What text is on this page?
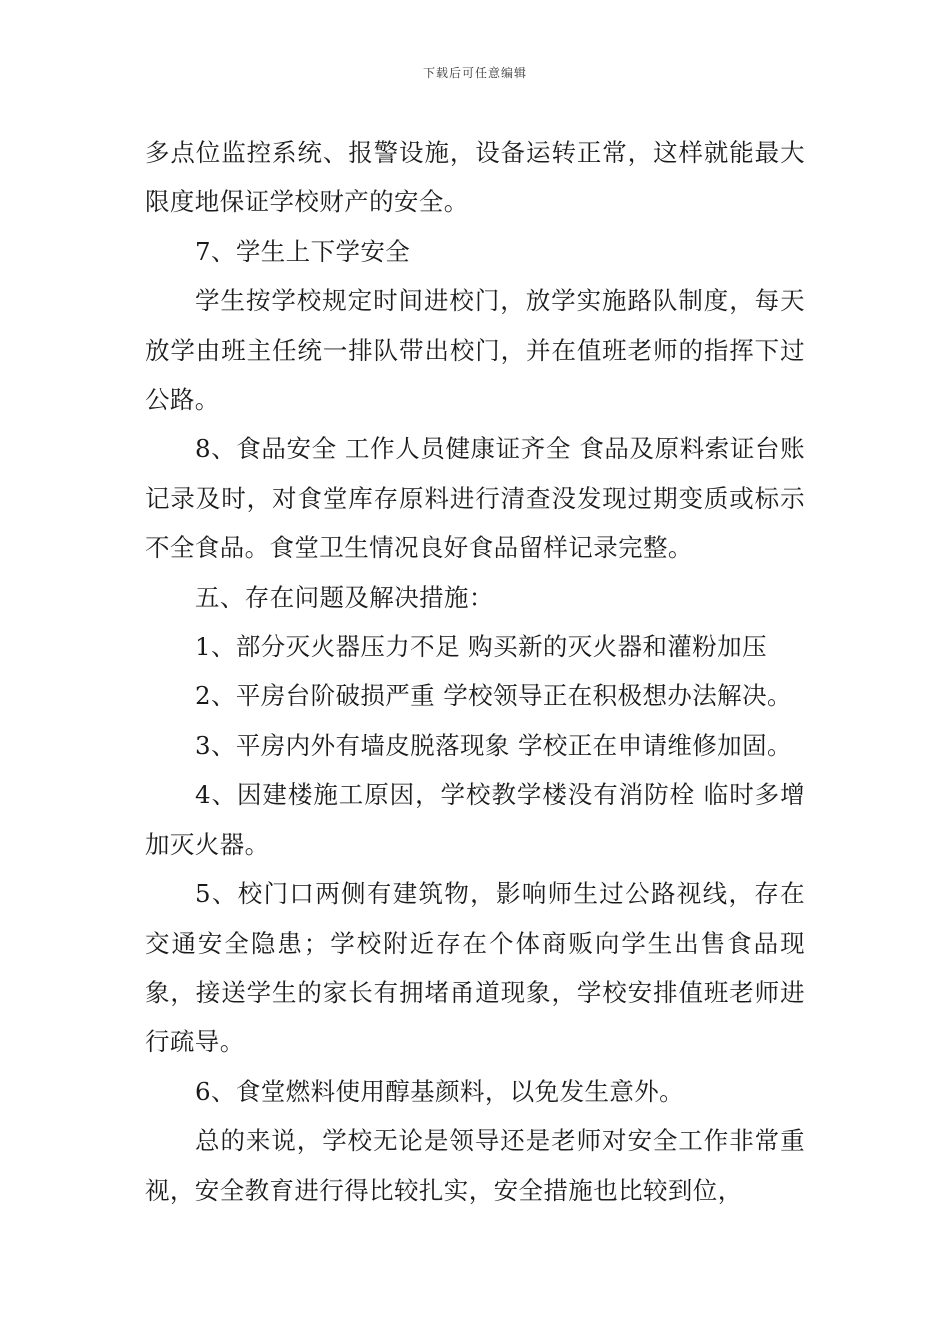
下载后可任意编辑

多点位监控系统、报警设施，设备运转正常，这样就能最大限度地保证学校财产的安全。

7、学生上下学安全

学生按学校规定时间进校门，放学实施路队制度，每天放学由班主任统一排队带出校门，并在值班老师的指挥下过公路。

8、食品安全 工作人员健康证齐全 食品及原料索证台账记录及时，对食堂库存原料进行清查没发现过期变质或标示不全食品。食堂卫生情况良好食品留样记录完整。

五、存在问题及解决措施：

1、部分灭火器压力不足 购买新的灭火器和灌粉加压

2、平房台阶破损严重 学校领导正在积极想办法解决。

3、平房内外有墙皮脱落现象 学校正在申请维修加固。

4、因建楼施工原因，学校教学楼没有消防栓 临时多增加灭火器。

5、校门口两侧有建筑物，影响师生过公路视线，存在交通安全隐患；学校附近存在个体商贩向学生出售食品现象，接送学生的家长有拥堵甬道现象，学校安排值班老师进行疏导。

6、食堂燃料使用醇基颜料，以免发生意外。

总的来说，学校无论是领导还是老师对安全工作非常重视，安全教育进行得比较扎实，安全措施也比较到位，
